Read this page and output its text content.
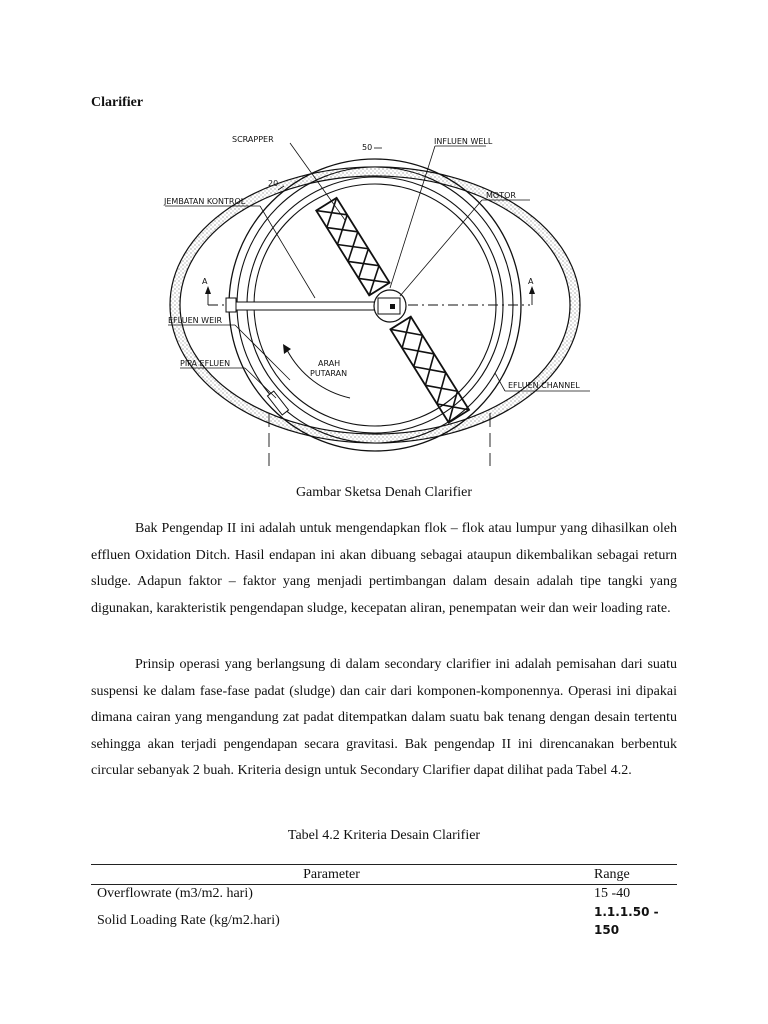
Clarifier
SCRAPPER	INFLUEN WELL
50
20
MOTOR
JEMBATAN KONTROL
EFLUEN WEIR
PIPA EFLUEN	ARAH
PUTARAN
EFLUEN CHANNEL
A	A
Gambar Sketsa Denah Clarifier

Bak Pengendap II ini adalah untuk mengendapkan flok – flok atau lumpur yang dihasilkan oleh effluen Oxidation Ditch. Hasil endapan ini akan dibuang sebagai ataupun dikembalikan sebagai return sludge. Adapun faktor – faktor yang menjadi pertimbangan dalam desain adalah tipe tangki yang digunakan, karakteristik pengendapan sludge, kecepatan aliran, penempatan weir dan weir loading rate.

Prinsip operasi yang berlangsung di dalam secondary clarifier ini adalah pemisahan dari suatu suspensi ke dalam fase-fase padat (sludge) dan cair dari komponen-komponennya. Operasi ini dipakai dimana cairan yang mengandung zat padat ditempatkan dalam suatu bak tenang dengan desain tertentu sehingga akan terjadi pengendapan secara gravitasi. Bak pengendap II ini direncanakan berbentuk circular sebanyak 2 buah. Kriteria design untuk Secondary Clarifier dapat dilihat pada Tabel 4.2.

Tabel 4.2 Kriteria Desain Clarifier
Parameter	Range
Overflowrate (m3/m2. hari)	15 -40
Solid Loading Rate (kg/m2.hari)	1.1.1.50 - 150
